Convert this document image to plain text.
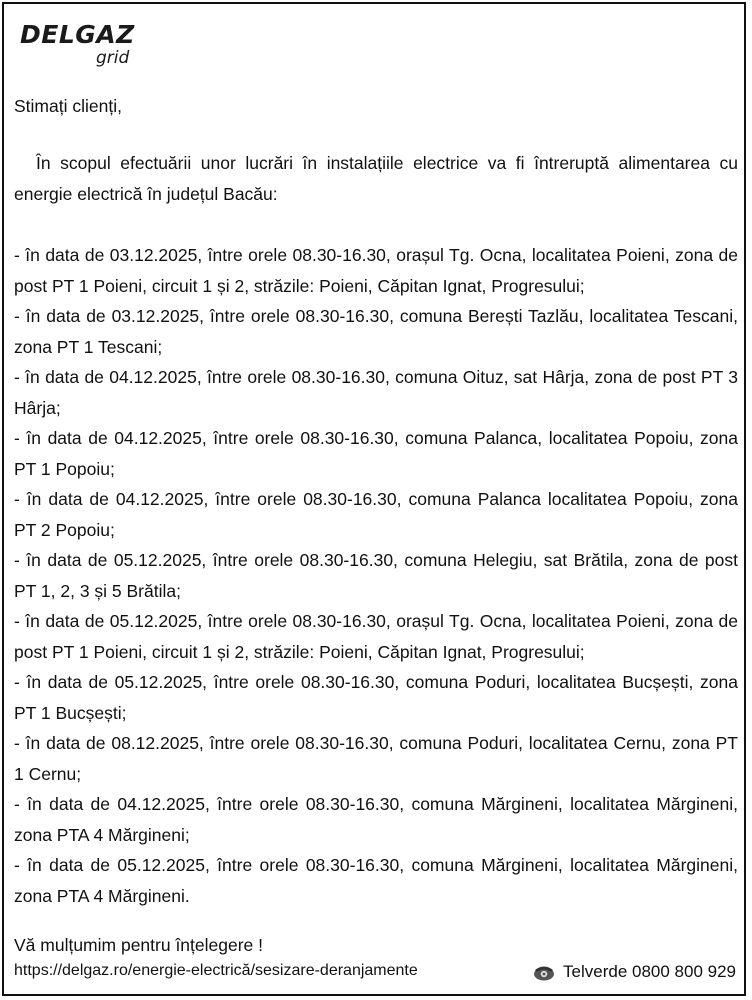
DELGAZ
grid
Stimați clienți,
În scopul efectuării unor lucrări în instalațiile electrice va fi întreruptă alimentarea cu energie electrică în județul Bacău:
- în data de 03.12.2025, între orele 08.30-16.30, orașul Tg. Ocna, localitatea Poieni, zona de post PT 1 Poieni, circuit 1 și 2, străzile: Poieni, Căpitan Ignat, Progresului;
- în data de 03.12.2025, între orele 08.30-16.30, comuna Berești Tazlău, localitatea Tescani, zona PT 1 Tescani;
- în data de 04.12.2025, între orele 08.30-16.30, comuna Oituz, sat Hârja, zona de post PT 3 Hârja;
- în data de 04.12.2025, între orele 08.30-16.30, comuna Palanca, localitatea Popoiu, zona PT 1 Popoiu;
- în data de 04.12.2025, între orele 08.30-16.30, comuna Palanca localitatea Popoiu, zona PT 2 Popoiu;
- în data de 05.12.2025, între orele 08.30-16.30, comuna Helegiu, sat Brătila, zona de post PT 1, 2, 3 și 5 Brătila;
- în data de 05.12.2025, între orele 08.30-16.30, orașul Tg. Ocna, localitatea Poieni, zona de post PT 1 Poieni, circuit 1 și 2, străzile: Poieni, Căpitan Ignat, Progresului;
- în data de 05.12.2025, între orele 08.30-16.30, comuna Poduri, localitatea Bucșești, zona PT 1 Bucșești;
- în data de 08.12.2025, între orele 08.30-16.30, comuna Poduri, localitatea Cernu, zona PT 1 Cernu;
- în data de 04.12.2025, între orele 08.30-16.30, comuna Mărgineni, localitatea Mărgineni, zona PTA 4 Mărgineni;
- în data de 05.12.2025, între orele 08.30-16.30, comuna Mărgineni, localitatea Mărgineni, zona PTA 4 Mărgineni.
Vă mulțumim pentru înțelegere !
https://delgaz.ro/energie-electrică/sesizare-deranjamente	Telverde 0800 800 929
